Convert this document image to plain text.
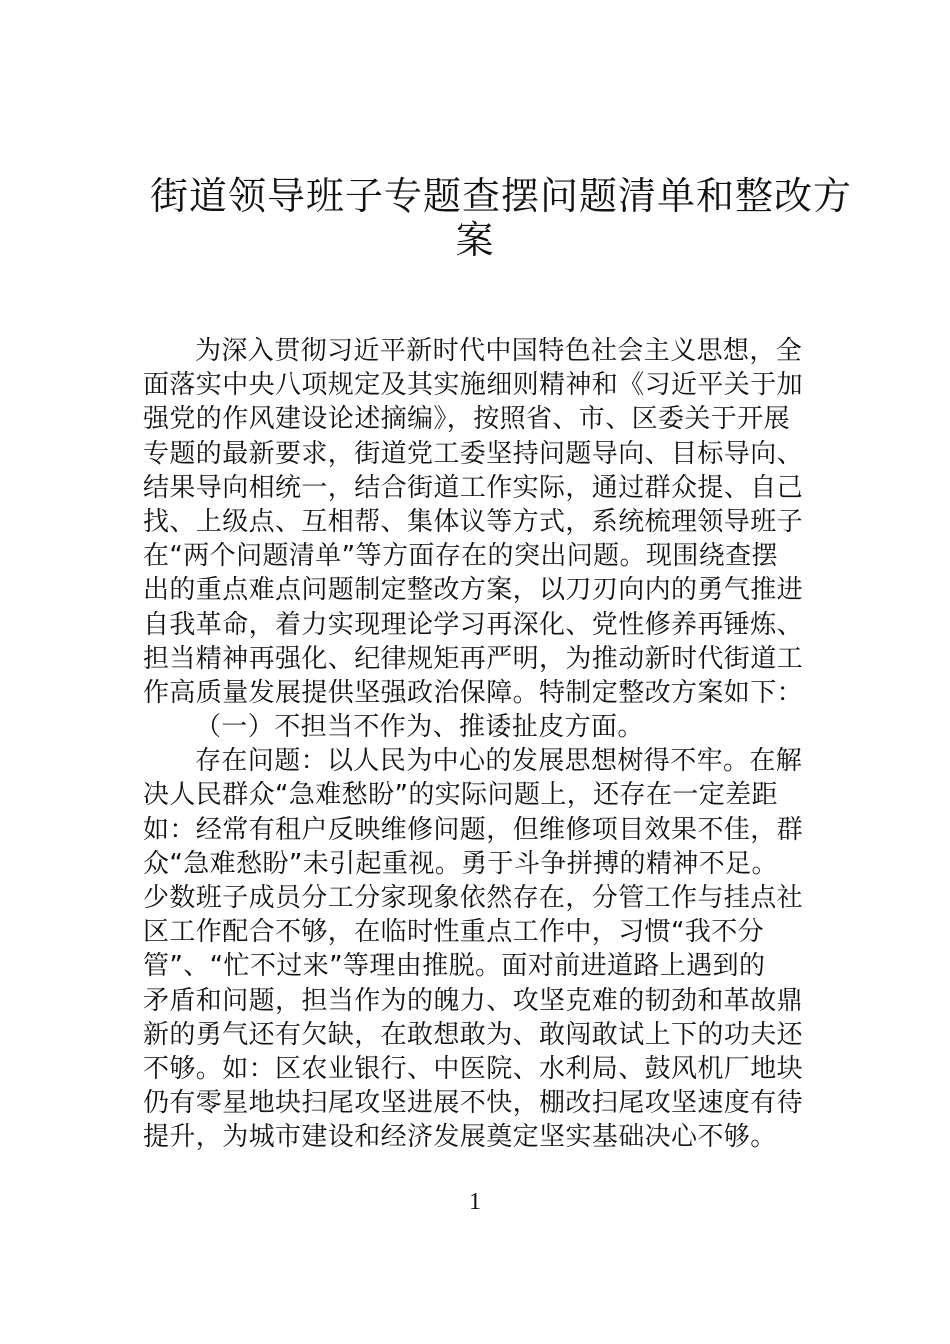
街道领导班子专题查摆问题清单和整改方
案
为深入贯彻习近平新时代中国特色社会主义思想，全
面落实中央八项规定及其实施细则精神和《习近平关于加
强党的作风建设论述摘编》，按照省、市、区委关于开展
专题的最新要求，街道党工委坚持问题导向、目标导向、
结果导向相统一，结合街道工作实际，通过群众提、自己
找、上级点、互相帮、集体议等方式，系统梳理领导班子
在“两个问题清单”等方面存在的突出问题。现围绕查摆
出的重点难点问题制定整改方案，以刀刃向内的勇气推进
自我革命，着力实现理论学习再深化、党性修养再锤炼、
担当精神再强化、纪律规矩再严明，为推动新时代街道工
作高质量发展提供坚强政治保障。特制定整改方案如下：
（一）不担当不作为、推诿扯皮方面。
存在问题：以人民为中心的发展思想树得不牢。在解
决人民群众“急难愁盼”的实际问题上，还存在一定差距
如：经常有租户反映维修问题，但维修项目效果不佳，群
众“急难愁盼”未引起重视。勇于斗争拼搏的精神不足。
少数班子成员分工分家现象依然存在，分管工作与挂点社
区工作配合不够，在临时性重点工作中，习惯“我不分
管”、“忙不过来”等理由推脱。面对前进道路上遇到的
矛盾和问题，担当作为的魄力、攻坚克难的韧劲和革故鼎
新的勇气还有欠缺，在敢想敢为、敢闯敢试上下的功夫还
不够。如：区农业银行、中医院、水利局、鼓风机厂地块
仍有零星地块扫尾攻坚进展不快，棚改扫尾攻坚速度有待
提升，为城市建设和经济发展奠定坚实基础决心不够。
1
